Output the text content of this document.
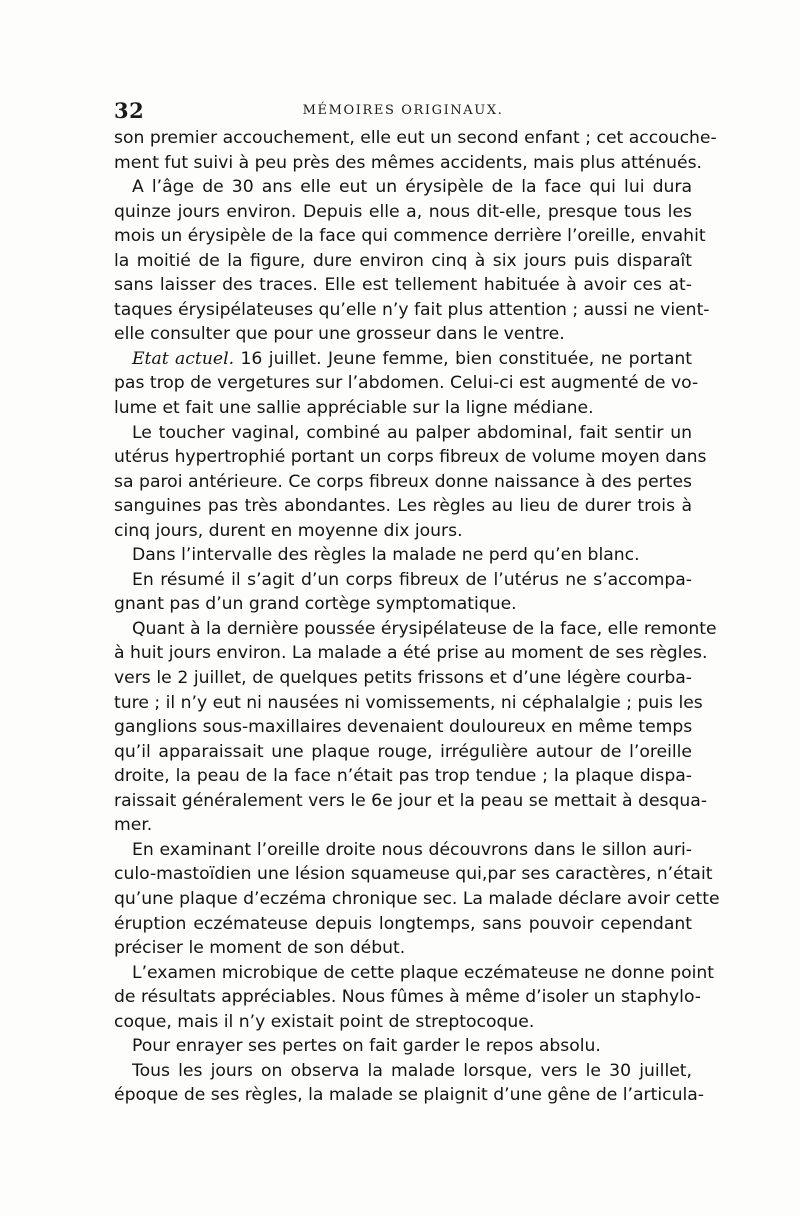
32	MÉMOIRES ORIGINAUX.
son premier accouchement, elle eut un second enfant ; cet accouche-
ment fut suivi à peu près des mêmes accidents, mais plus atténués.
A l’âge de 30 ans elle eut un érysipèle de la face qui lui dura
quinze jours environ. Depuis elle a, nous dit-elle, presque tous les
mois un érysipèle de la face qui commence derrière l’oreille, envahit
la moitié de la figure, dure environ cinq à six jours puis disparaît
sans laisser des traces. Elle est tellement habituée à avoir ces at-
taques érysipélateuses qu’elle n’y fait plus attention ; aussi ne vient-
elle consulter que pour une grosseur dans le ventre.
Etat actuel. 16 juillet. Jeune femme, bien constituée, ne portant
pas trop de vergetures sur l’abdomen. Celui-ci est augmenté de vo-
lume et fait une sallie appréciable sur la ligne médiane.
Le toucher vaginal, combiné au palper abdominal, fait sentir un
utérus hypertrophié portant un corps fibreux de volume moyen dans
sa paroi antérieure. Ce corps fibreux donne naissance à des pertes
sanguines pas très abondantes. Les règles au lieu de durer trois à
cinq jours, durent en moyenne dix jours.
Dans l’intervalle des règles la malade ne perd qu’en blanc.
En résumé il s’agit d’un corps fibreux de l’utérus ne s’accompa-
gnant pas d’un grand cortège symptomatique.
Quant à la dernière poussée érysipélateuse de la face, elle remonte
à huit jours environ. La malade a été prise au moment de ses règles.
vers le 2 juillet, de quelques petits frissons et d’une légère courba-
ture ; il n’y eut ni nausées ni vomissements, ni céphalalgie ; puis les
ganglions sous-maxillaires devenaient douloureux en même temps
qu’il apparaissait une plaque rouge, irrégulière autour de l’oreille
droite, la peau de la face n’était pas trop tendue ; la plaque dispa-
raissait généralement vers le 6e jour et la peau se mettait à desqua-
mer.
En examinant l’oreille droite nous découvrons dans le sillon auri-
culo-mastoïdien une lésion squameuse qui,par ses caractères, n’était
qu’une plaque d’eczéma chronique sec. La malade déclare avoir cette
éruption eczémateuse depuis longtemps, sans pouvoir cependant
préciser le moment de son début.
L’examen microbique de cette plaque eczémateuse ne donne point
de résultats appréciables. Nous fûmes à même d’isoler un staphylo-
coque, mais il n’y existait point de streptocoque.
Pour enrayer ses pertes on fait garder le repos absolu.
Tous les jours on observa la malade lorsque, vers le 30 juillet,
époque de ses règles, la malade se plaignit d’une gêne de l’articula-
